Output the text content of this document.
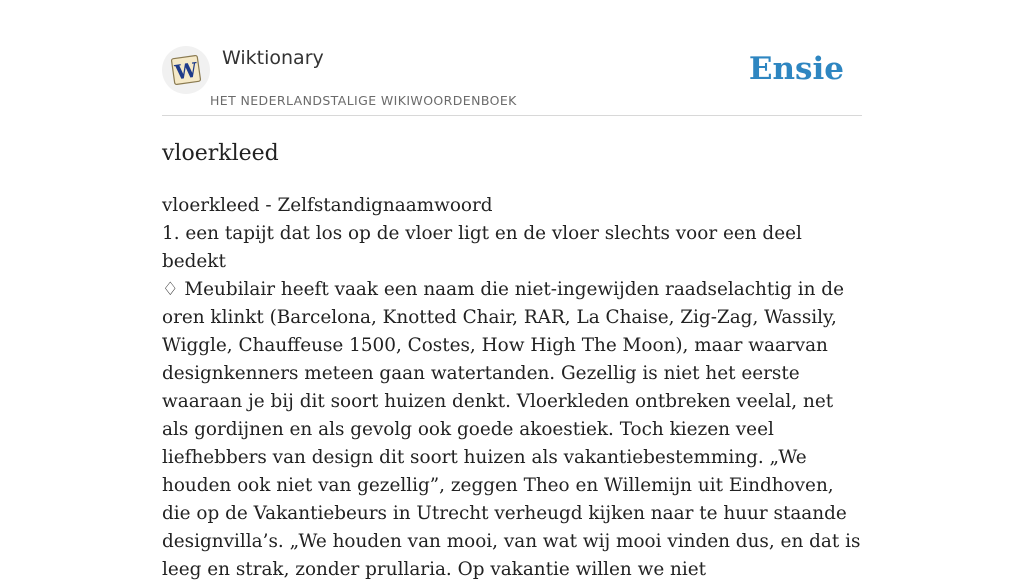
W Wiktionary
HET NEDERLANDSTALIGE WIKIWOORDENBOEK
Ensie
vloerkleed

vloerkleed - Zelfstandignaamwoord

1. een tapijt dat los op de vloer ligt en de vloer slechts voor een deel bedekt

♢ Meubilair heeft vaak een naam die niet-ingewijden raadselachtig in de oren klinkt (Barcelona, Knotted Chair, RAR, La Chaise, Zig-Zag, Wassily, Wiggle, Chauffeuse 1500, Costes, How High The Moon), maar waarvan designkenners meteen gaan watertanden. Gezellig is niet het eerste waaraan je bij dit soort huizen denkt. Vloerkleden ontbreken veelal, net als gordijnen en als gevolg ook goede akoestiek. Toch kiezen veel liefhebbers van design dit soort huizen als vakantiebestemming. „We houden ook niet van gezellig”, zeggen Theo en Willemijn uit Eindhoven, die op de Vakantiebeurs in Utrecht verheugd kijken naar te huur staande designvilla’s. „We houden van mooi, van wat wij mooi vinden dus, en dat is leeg en strak, zonder prullaria. Op vakantie willen we niet
